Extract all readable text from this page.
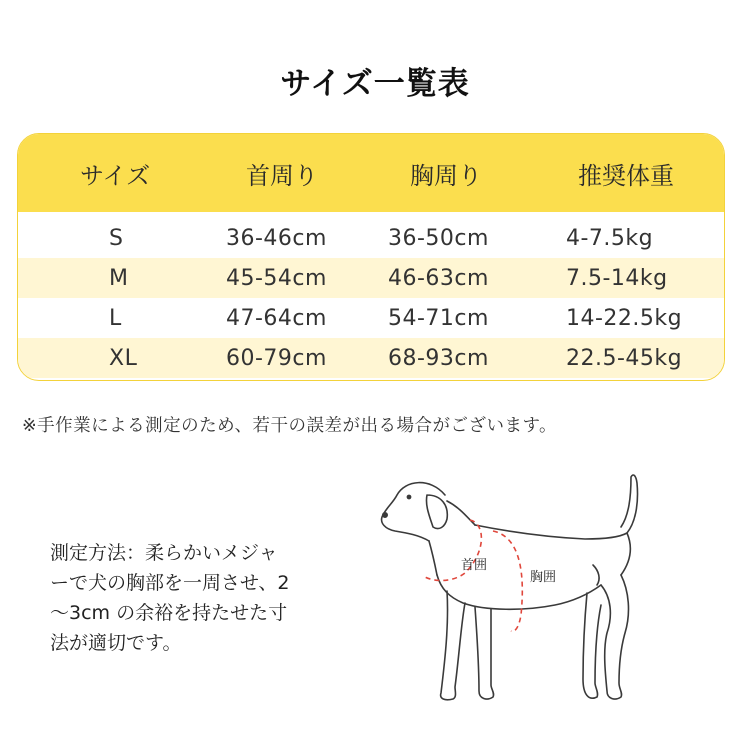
サイズ一覧表
サイズ	首周り	胸周り	推奨体重
S	36-46cm	36-50cm	4-7.5kg
M	45-54cm	46-63cm	7.5-14kg
L	47-64cm	54-71cm	14-22.5kg
XL	60-79cm	68-93cm	22.5-45kg
※手作業による測定のため、若干の誤差が出る場合がございます。
測定方法：柔らかいメジャ
ーで犬の胸部を一周させ、2
〜3cm の余裕を持たせた寸
法が適切です。
首囲
胸囲
